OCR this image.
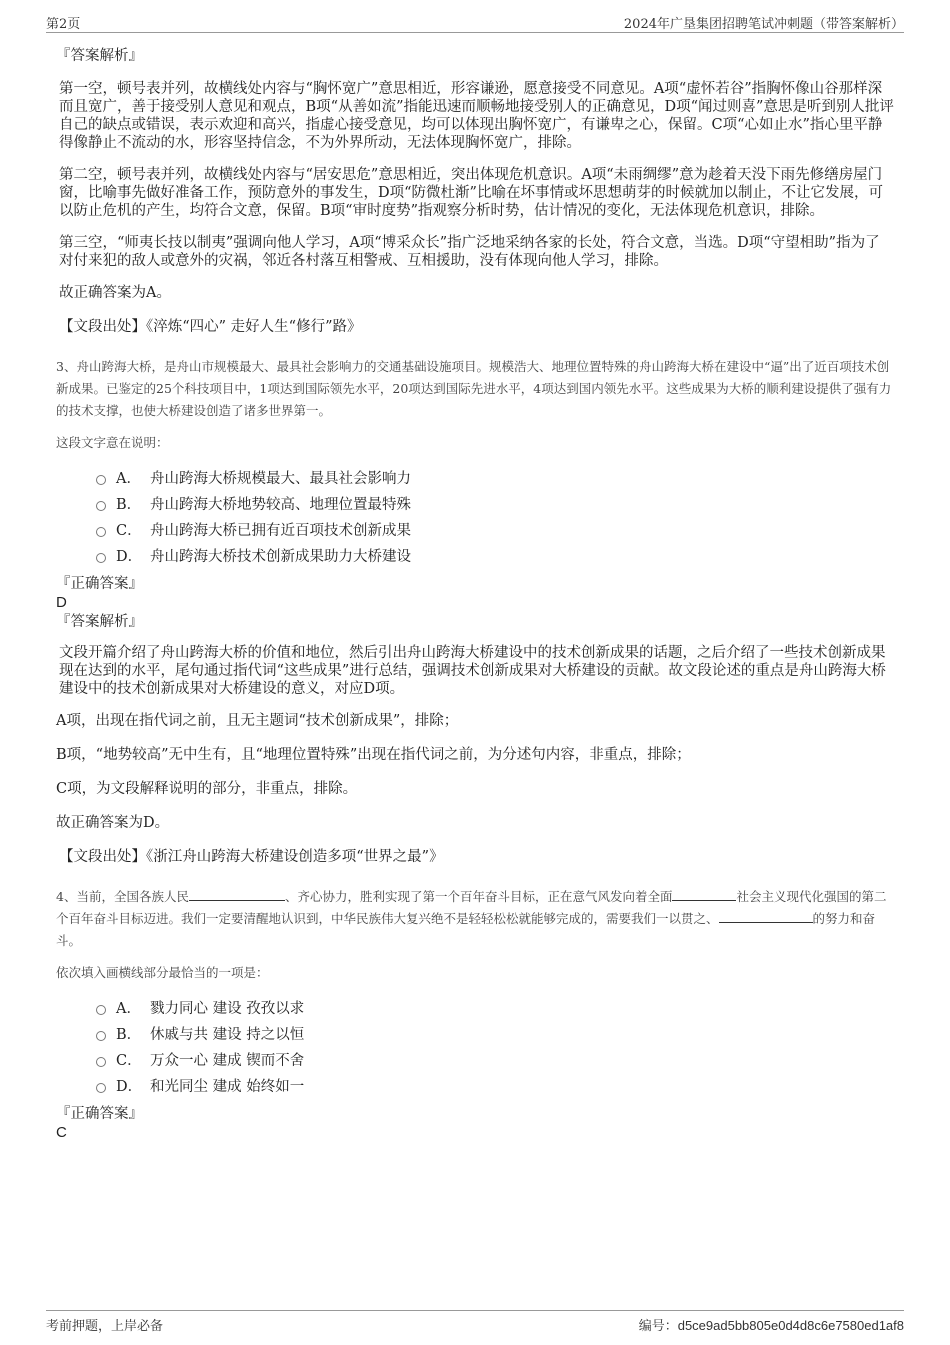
第2页	2024年广垦集团招聘笔试冲刺题（带答案解析）

『答案解析』

第一空，顿号表并列，故横线处内容与“胸怀宽广”意思相近，形容谦逊，愿意接受不同意见。A项“虚怀若谷”指胸怀像山谷那样深而且宽广，善于接受别人意见和观点，B项“从善如流”指能迅速而顺畅地接受别人的正确意见，D项“闻过则喜”意思是听到别人批评自己的缺点或错误，表示欢迎和高兴，指虚心接受意见，均可以体现出胸怀宽广，有谦卑之心，保留。C项“心如止水”指心里平静得像静止不流动的水，形容坚持信念，不为外界所动，无法体现胸怀宽广，排除。

第二空，顿号表并列，故横线处内容与“居安思危”意思相近，突出体现危机意识。A项“未雨绸缪”意为趁着天没下雨先修缮房屋门窗，比喻事先做好准备工作，预防意外的事发生，D项“防微杜渐”比喻在坏事情或坏思想萌芽的时候就加以制止，不让它发展，可以防止危机的产生，均符合文意，保留。B项“审时度势”指观察分析时势，估计情况的变化，无法体现危机意识，排除。

第三空，“师夷长技以制夷”强调向他人学习，A项“博采众长”指广泛地采纳各家的长处，符合文意，当选。D项“守望相助”指为了对付来犯的敌人或意外的灾祸，邻近各村落互相警戒、互相援助，没有体现向他人学习，排除。

故正确答案为A。

【文段出处】《淬炼“四心” 走好人生“修行”路》

3、舟山跨海大桥，是舟山市规模最大、最具社会影响力的交通基础设施项目。规模浩大、地理位置特殊的舟山跨海大桥在建设中“逼”出了近百项技术创新成果。已鉴定的25个科技项目中，1项达到国际领先水平，20项达到国际先进水平，4项达到国内领先水平。这些成果为大桥的顺利建设提供了强有力的技术支撑，也使大桥建设创造了诸多世界第一。

这段文字意在说明：

A． 舟山跨海大桥规模最大、最具社会影响力
B． 舟山跨海大桥地势较高、地理位置最特殊
C． 舟山跨海大桥已拥有近百项技术创新成果
D． 舟山跨海大桥技术创新成果助力大桥建设

『正确答案』

D

『答案解析』

文段开篇介绍了舟山跨海大桥的价值和地位，然后引出舟山跨海大桥建设中的技术创新成果的话题，之后介绍了一些技术创新成果现在达到的水平，尾句通过指代词“这些成果”进行总结，强调技术创新成果对大桥建设的贡献。故文段论述的重点是舟山跨海大桥建设中的技术创新成果对大桥建设的意义，对应D项。

A项，出现在指代词之前，且无主题词“技术创新成果”，排除；

B项，“地势较高”无中生有，且“地理位置特殊”出现在指代词之前，为分述句内容，非重点，排除；

C项，为文段解释说明的部分，非重点，排除。

故正确答案为D。

【文段出处】《浙江舟山跨海大桥建设创造多项“世界之最”》

4、当前，全国各族人民	、齐心协力，胜利实现了第一个百年奋斗目标，正在意气风发向着全面	社会主义现代化强国的第二个百年奋斗目标迈进。我们一定要清醒地认识到，中华民族伟大复兴绝不是轻轻松松就能够完成的，需要我们一以贯之、	的努力和奋斗。

依次填入画横线部分最恰当的一项是：

A． 戮力同心 建设 孜孜以求
B． 休戚与共 建设 持之以恒
C． 万众一心 建成 锲而不舍
D． 和光同尘 建成 始终如一

『正确答案』

C

考前押题，上岸必备	编号：d5ce9ad5bb805e0d4d8c6e7580ed1af8
